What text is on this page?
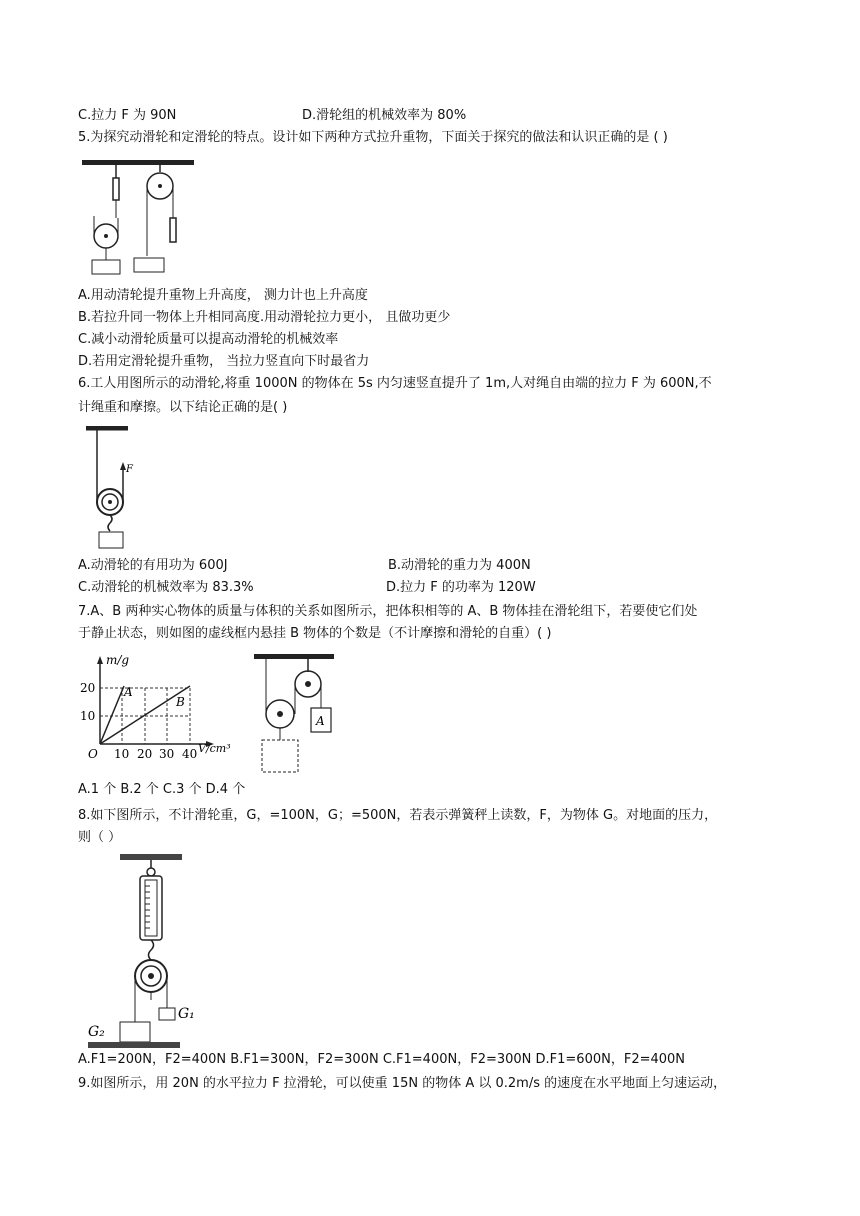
C.拉力 F 为 90N	D.滑轮组的机械效率为 80%
5.为探究动滑轮和定滑轮的特点。设计如下两种方式拉升重物，下面关于探究的做法和认识正确的是 ( )
A.用动清轮提升重物上升高度， 测力计也上升高度
B.若拉升同一物体上升相同高度.用动滑轮拉力更小， 且做功更少
C.减小动滑轮质量可以提高动滑轮的机械效率
D.若用定滑轮提升重物， 当拉力竖直向下时最省力
6.工人用图所示的动滑轮,将重 1000N 的物体在 5s 内匀速竖直提升了 1m,人对绳自由端的拉力 F 为 600N,不
计绳重和摩擦。以下结论正确的是( )
F
A.动滑轮的有用功为 600J	B.动滑轮的重力为 400N
C.动滑轮的机械效率为 83.3%	D.拉力 F 的功率为 120W
7.A、B 两种实心物体的质量与体积的关系如图所示，把体积相等的 A、B 物体挂在滑轮组下，若要使它们处
于静止状态，则如图的虚线框内悬挂 B 物体的个数是（不计摩擦和滑轮的自重）( )
m/g
20
10
O 10 20 30 40 V/cm³
A
B
A
A.1 个 B.2 个 C.3 个 D.4 个
8.如下图所示，不计滑轮重，G，=100N，G；=500N，若表示弹簧秤上读数，F，为物体 G。对地面的压力，
则（ ）
G₁
G₂
A.F1=200N，F2=400N B.F1=300N，F2=300N C.F1=400N，F2=300N D.F1=600N，F2=400N
9.如图所示，用 20N 的水平拉力 F 拉滑轮，可以使重 15N 的物体 A 以 0.2m/s 的速度在水平地面上匀速运动，
